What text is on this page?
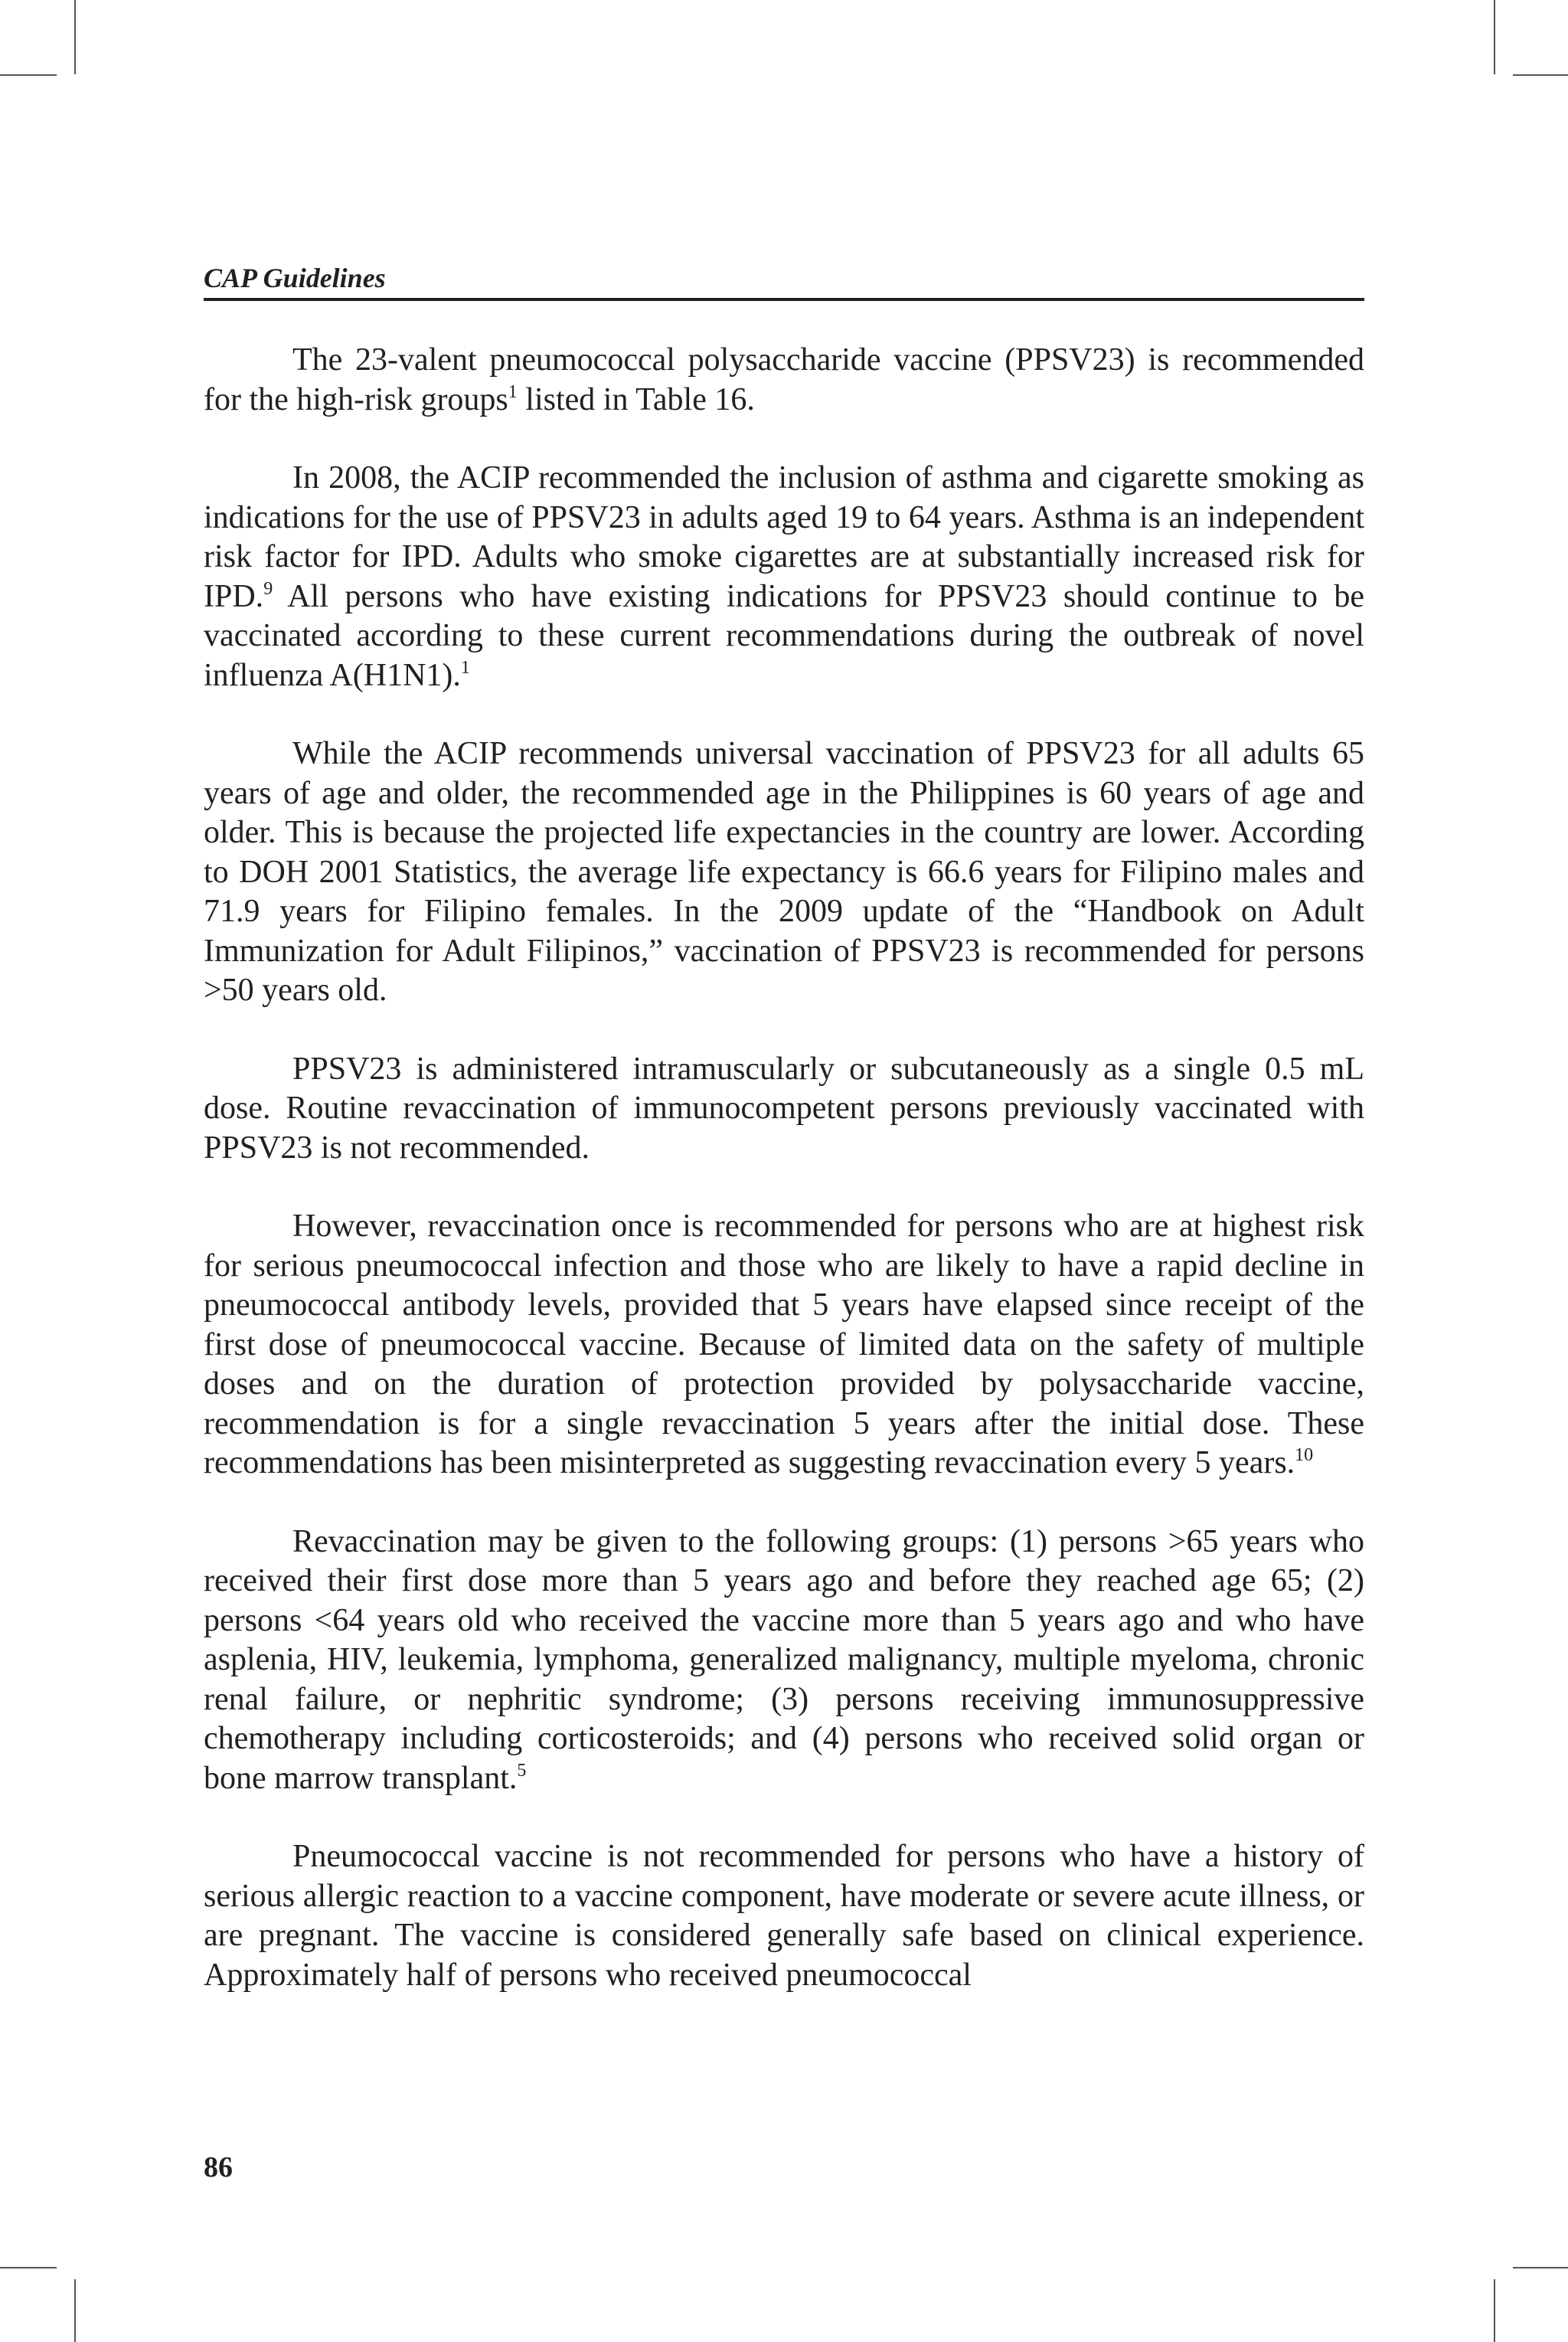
CAP Guidelines

The 23-valent pneumococcal polysaccharide vaccine (PPSV23) is recommended for the high-risk groups$^1$ listed in Table 16.

In 2008, the ACIP recommended the inclusion of asthma and cigarette smoking as indications for the use of PPSV23 in adults aged 19 to 64 years. Asthma is an independent risk factor for IPD. Adults who smoke cigarettes are at substantially increased risk for IPD.$^9$ All persons who have existing indications for PPSV23 should continue to be vaccinated according to these current recommendations during the outbreak of novel influenza A(H1N1).$^1$

While the ACIP recommends universal vaccination of PPSV23 for all adults 65 years of age and older, the recommended age in the Philippines is 60 years of age and older. This is because the projected life expectancies in the country are lower. According to DOH 2001 Statistics, the average life expectancy is 66.6 years for Filipino males and 71.9 years for Filipino females. In the 2009 update of the “Handbook on Adult Immunization for Adult Filipinos,” vaccination of PPSV23 is recommended for persons >50 years old.

PPSV23 is administered intramuscularly or subcutaneously as a single 0.5 mL dose. Routine revaccination of immunocompetent persons previously vaccinated with PPSV23 is not recommended.

However, revaccination once is recommended for persons who are at highest risk for serious pneumococcal infection and those who are likely to have a rapid decline in pneumococcal antibody levels, provided that 5 years have elapsed since receipt of the first dose of pneumococcal vaccine. Because of limited data on the safety of multiple doses and on the duration of protection provided by polysaccharide vaccine, recommendation is for a single revaccination 5 years after the initial dose. These recommendations has been misinterpreted as suggesting revaccination every 5 years.$^{10}$

Revaccination may be given to the following groups: (1) persons >65 years who received their first dose more than 5 years ago and before they reached age 65; (2) persons <64 years old who received the vaccine more than 5 years ago and who have asplenia, HIV, leukemia, lymphoma, generalized malignancy, multiple myeloma, chronic renal failure, or nephritic syndrome; (3) persons receiving immunosuppressive chemotherapy including corticosteroids; and (4) persons who received solid organ or bone marrow transplant.$^5$

Pneumococcal vaccine is not recommended for persons who have a history of serious allergic reaction to a vaccine component, have moderate or severe acute illness, or are pregnant. The vaccine is considered generally safe based on clinical experience. Approximately half of persons who received pneumococcal

86
